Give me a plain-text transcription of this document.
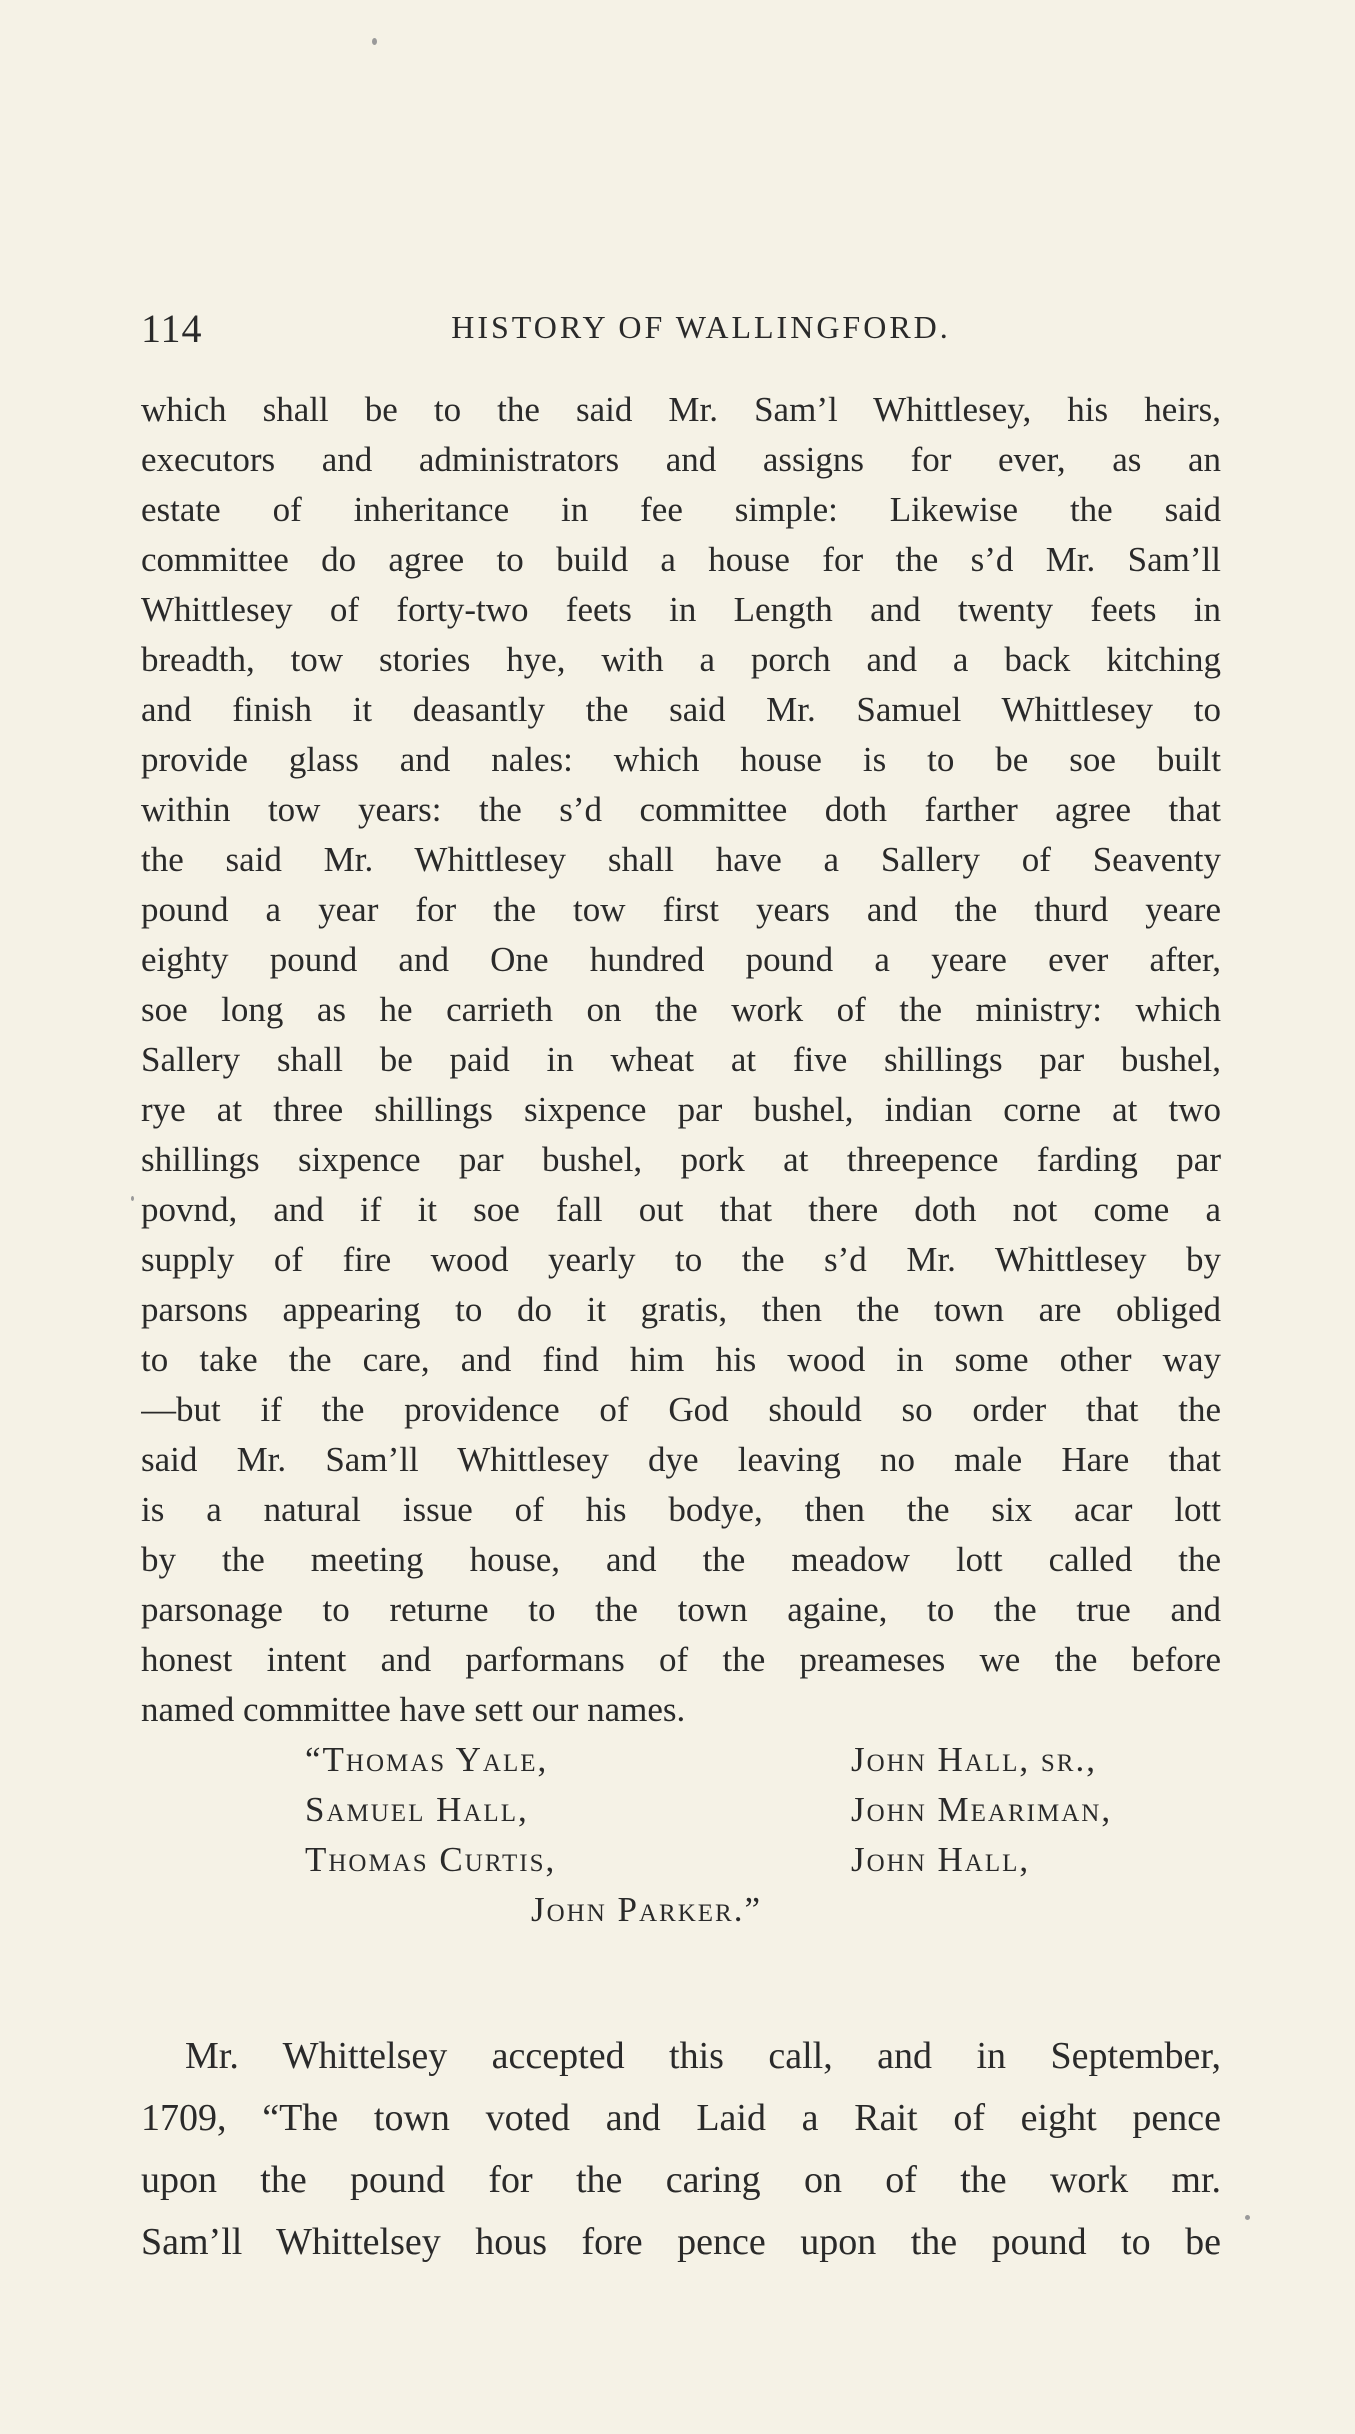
114	HISTORY OF WALLINGFORD.
which shall be to the said Mr. Sam’l Whittlesey, his heirs,
executors and administrators and assigns for ever, as an
estate of inheritance in fee simple: Likewise the said
committee do agree to build a house for the s’d Mr. Sam’ll
Whittlesey of forty-two feets in Length and twenty feets in
breadth, tow stories hye, with a porch and a back kitching
and finish it deasantly the said Mr. Samuel Whittlesey to
provide glass and nales: which house is to be soe built
within tow years: the s’d committee doth farther agree that
the said Mr. Whittlesey shall have a Sallery of Seaventy
pound a year for the tow first years and the thurd yeare
eighty pound and One hundred pound a yeare ever after,
soe long as he carrieth on the work of the ministry: which
Sallery shall be paid in wheat at five shillings par bushel,
rye at three shillings sixpence par bushel, indian corne at two
shillings sixpence par bushel, pork at threepence farding par
povnd, and if it soe fall out that there doth not come a
supply of fire wood yearly to the s’d Mr. Whittlesey by
parsons appearing to do it gratis, then the town are obliged
to take the care, and find him his wood in some other way
—but if the providence of God should so order that the
said Mr. Sam’ll Whittlesey dye leaving no male Hare that
is a natural issue of his bodye, then the six acar lott
by the meeting house, and the meadow lott called the
parsonage to returne to the town againe, to the true and
honest intent and parformans of the preameses we the before
named committee have sett our names.
“Thomas Yale,	John Hall, sr.,
Samuel Hall,	John Meariman,
Thomas Curtis,	John Hall,
John Parker.”
Mr. Whittelsey accepted this call, and in September,
1709, “The town voted and Laid a Rait of eight pence
upon the pound for the caring on of the work mr.
Sam’ll Whittelsey hous fore pence upon the pound to be
